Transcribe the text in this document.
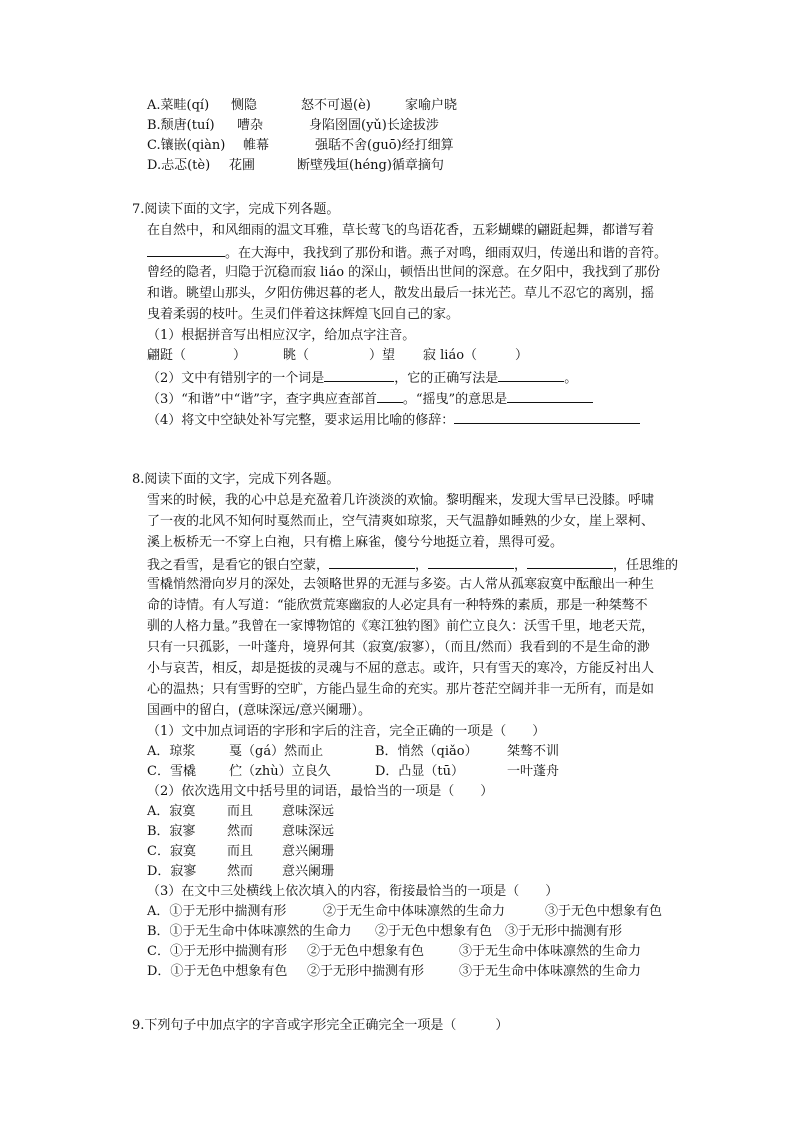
A.菜畦(qí) 恻隐	怒不可遏(è)	家喻户晓
B.颓唐(tuí) 嘈杂	身陷囹圄(yǔ)长途拔涉
C.镶嵌(qiàn) 帷幕	强聒不舍(guō)经打细算
D.忐忑(tè) 花圃	断壁残垣(héng)循章摘句
7.阅读下面的文字，完成下列各题。
在自然中，和风细雨的温文耳雅，草长莺飞的鸟语花香，五彩蝴蝶的翩跹起舞，都谱写着
。在大海中，我找到了那份和谐。燕子对鸣，细雨双归，传递出和谐的音符。
曾经的隐者，归隐于沉稳而寂 liáo 的深山，顿悟出世间的深意。在夕阳中，我找到了那份
和谐。眺望山那头，夕阳仿佛迟暮的老人，散发出最后一抹光芒。草儿不忍它的离别，摇
曳着柔弱的枝叶。生灵们伴着这抹辉煌飞回自己的家。
（1）根据拼音写出相应汉字，给加点字注音。
翩跹（	）	眺（	）望 寂 liáo（	）
（2）文中有错别字的一个词是	，它的正确写法是	。
（3）“和谐”中“谐”字，查字典应查部首 。“摇曳”的意思是
（4）将文中空缺处补写完整，要求运用比喻的修辞：
8.阅读下面的文字，完成下列各题。
雪来的时候，我的心中总是充盈着几许淡淡的欢愉。黎明醒来，发现大雪早已没膝。呼啸
了一夜的北风不知何时戛然而止，空气清爽如琼浆，天气温静如睡熟的少女，崖上翠柯、
溪上板桥无一不穿上白袍，只有檐上麻雀，傻兮兮地挺立着，黑得可爱。
我之看雪，是看它的银白空蒙，	，	，	，任思维的
雪橇悄然滑向岁月的深处，去领略世界的无涯与多姿。古人常从孤寒寂寞中酝酿出一种生
命的诗情。有人写道：“能欣赏荒寒幽寂的人必定具有一种特殊的素质，那是一种桀骜不
驯的人格力量。”我曾在一家博物馆的《寒江独钓图》前伫立良久：沃雪千里，地老天荒，
只有一只孤影，一叶蓬舟，境界何其（寂寞/寂寥），（而且/然而）我看到的不是生命的渺
小与哀苦，相反，却是挺拔的灵魂与不屈的意志。或许，只有雪天的寒冷，方能反衬出人
心的温热；只有雪野的空旷，方能凸显生命的充实。那片苍茫空阔并非一无所有，而是如
国画中的留白，(意味深远/意兴阑珊）。
（1）文中加点词语的字形和字后的注音，完全正确的一项是（　　）
A．琼浆	戛（gá）然而止	B．悄然（qiǎo） 桀骜不训
C．雪橇	伫（zhù）立良久	D．凸显（tū）	一叶蓬舟
（2）依次选用文中括号里的词语，最恰当的一项是（　　）
A．寂寞 而且 意味深远
B．寂寥 然而 意味深远
C．寂寞 而且 意兴阑珊
D．寂寥 然而 意兴阑珊
（3）在文中三处横线上依次填入的内容，衔接最恰当的一项是（　　）
A．①于无形中揣测有形	②于无生命中体味凛然的生命力	③于无色中想象有色
B．①于无生命中体味凛然的生命力 ②于无色中想象有色 ③于无形中揣测有形
C．①于无形中揣测有形 ②于无色中想象有色	③于无生命中体味凛然的生命力
D．①于无色中想象有色 ②于无形中揣测有形	③于无生命中体味凛然的生命力
9.下列句子中加点字的字音或字形完全正确完全一项是（　　　）
